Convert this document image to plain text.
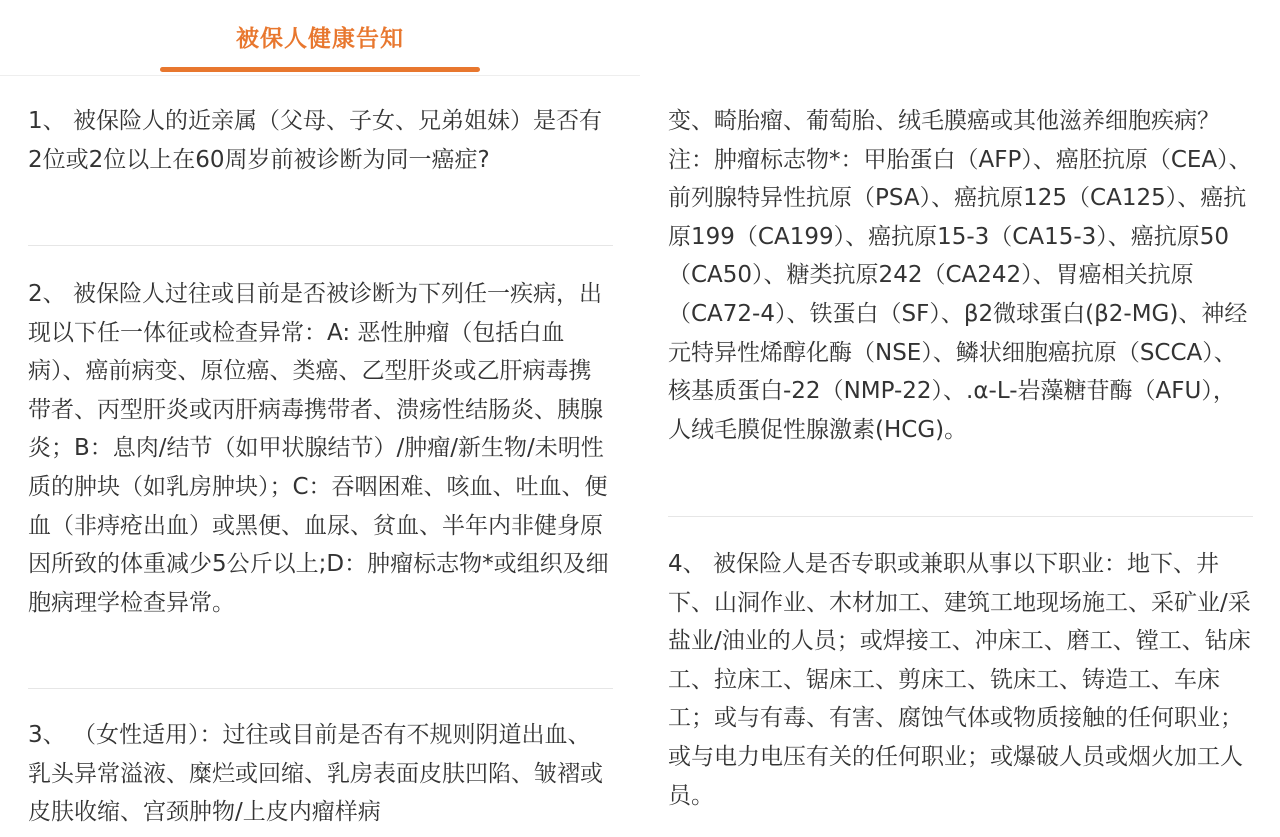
被保人健康告知

1、 被保险人的近亲属（父母、子女、兄弟姐妹）是否有2位或2位以上在60周岁前被诊断为同一癌症?

2、 被保险人过往或目前是否被诊断为下列任一疾病，出现以下任一体征或检查异常：A: 恶性肿瘤（包括白血病）、癌前病变、原位癌、类癌、乙型肝炎或乙肝病毒携带者、丙型肝炎或丙肝病毒携带者、溃疡性结肠炎、胰腺炎；B：息肉/结节（如甲状腺结节）/肿瘤/新生物/未明性质的肿块（如乳房肿块）；C：吞咽困难、咳血、吐血、便血（非痔疮出血）或黑便、血尿、贫血、半年内非健身原因所致的体重减少5公斤以上;D：肿瘤标志物*或组织及细胞病理学检查异常。

3、 （女性适用）：过往或目前是否有不规则阴道出血、乳头异常溢液、糜烂或回缩、乳房表面皮肤凹陷、皱褶或皮肤收缩、宫颈肿物/上皮内瘤样病

变、畸胎瘤、葡萄胎、绒毛膜癌或其他滋养细胞疾病？注：肿瘤标志物*：甲胎蛋白（AFP）、癌胚抗原（CEA）、前列腺特异性抗原（PSA）、癌抗原125（CA125）、癌抗原199（CA199）、癌抗原15-3（CA15-3）、癌抗原50（CA50）、糖类抗原242（CA242）、胃癌相关抗原（CA72-4）、铁蛋白（SF）、β2微球蛋白(β2-MG)、神经元特异性烯醇化酶（NSE）、鳞状细胞癌抗原（SCCA）、核基质蛋白-22（NMP-22）、.α-L-岩藻糖苷酶（AFU），人绒毛膜促性腺激素(HCG)。

4、 被保险人是否专职或兼职从事以下职业：地下、井下、山洞作业、木材加工、建筑工地现场施工、采矿业/采盐业/油业的人员；或焊接工、冲床工、磨工、镗工、钻床工、拉床工、锯床工、剪床工、铣床工、铸造工、车床工；或与有毒、有害、腐蚀气体或物质接触的任何职业；或与电力电压有关的任何职业；或爆破人员或烟火加工人员。
